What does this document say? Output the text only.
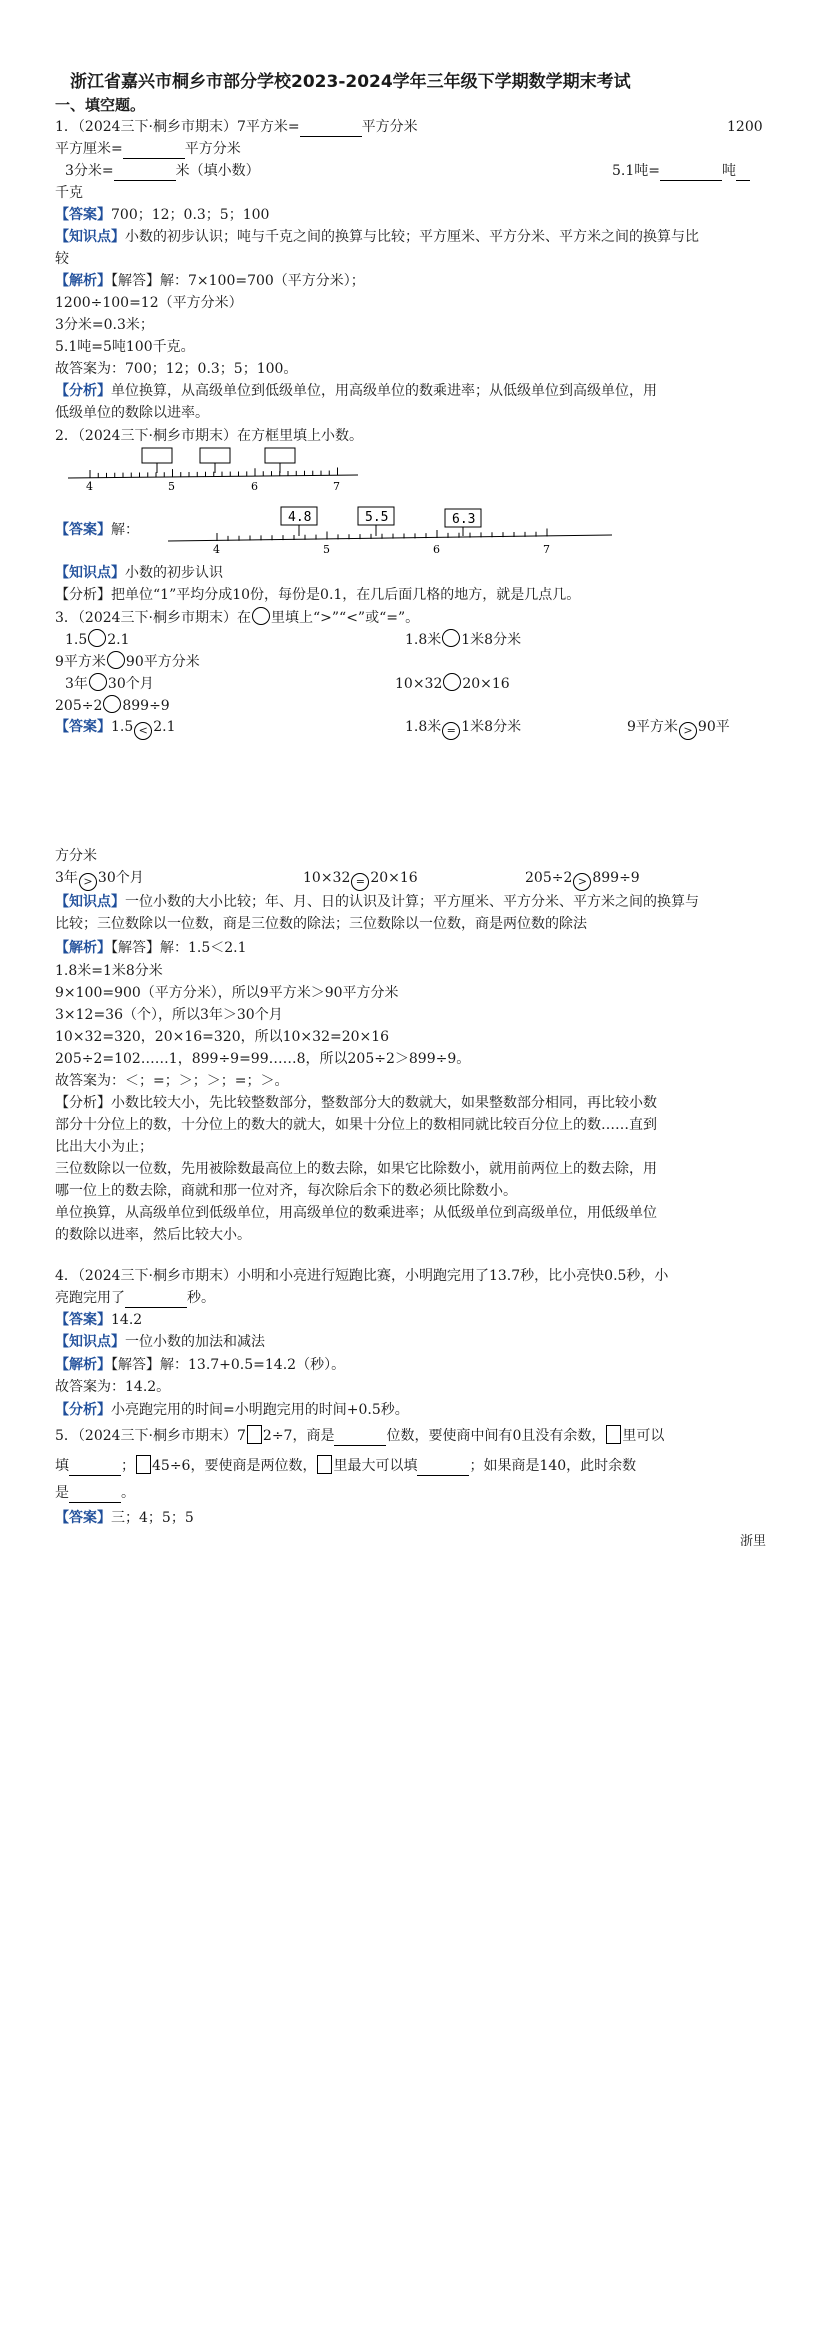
浙江省嘉兴市桐乡市部分学校2023-2024学年三年级下学期数学期末考试
一、填空题。
1．（2024三下·桐乡市期末）7平方米=	平方分米	1200
平方厘米=	平方分米
3分米=	米（填小数）	5.1吨=	吨
千克
【答案】700；12；0.3；5；100
【知识点】小数的初步认识；吨与千克之间的换算与比较；平方厘米、平方分米、平方米之间的换算与比
较
【解析】【解答】解：7×100=700（平方分米）；
1200÷100=12（平方分米）
3分米=0.3米；
5.1吨=5吨100千克。
故答案为：700；12；0.3；5；100。
【分析】单位换算，从高级单位到低级单位，用高级单位的数乘进率；从低级单位到高级单位，用
低级单位的数除以进率。
2．（2024三下·桐乡市期末）在方框里填上小数。
4	5	6	7
【答案】解：
4	5	6	7
4.8	5.5	6.3
【知识点】小数的初步认识
【分析】把单位“1”平均分成10份，每份是0.1，在几后面几格的地方，就是几点几。
3．（2024三下·桐乡市期末）在 里填上“>”“<”或“=”。
1.5 2.1	1.8米 1米8分米
9平方米 90平方分米
3年 30个月	10×32 20×16
205÷2 899÷9
【答案】1.5 < 2.1	1.8米 = 1米8分米	9平方米 > 90平
方分米
3年 > 30个月	10×32 = 20×16	205÷2 > 899÷9
【知识点】一位小数的大小比较；年、月、日的认识及计算；平方厘米、平方分米、平方米之间的换算与
比较；三位数除以一位数，商是三位数的除法；三位数除以一位数，商是两位数的除法
【解析】【解答】解：1.5＜2.1
1.8米=1米8分米
9×100=900（平方分米），所以9平方米＞90平方分米
3×12=36（个），所以3年＞30个月
10×32=320，20×16=320，所以10×32=20×16
205÷2=102……1，899÷9=99……8，所以205÷2＞899÷9。
故答案为：＜；=；＞；＞；=；＞。
【分析】小数比较大小，先比较整数部分，整数部分大的数就大，如果整数部分相同，再比较小数
部分十分位上的数，十分位上的数大的就大，如果十分位上的数相同就比较百分位上的数……直到
比出大小为止；
三位数除以一位数，先用被除数最高位上的数去除，如果它比除数小，就用前两位上的数去除，用
哪一位上的数去除，商就和那一位对齐，每次除后余下的数必须比除数小。
单位换算，从高级单位到低级单位，用高级单位的数乘进率；从低级单位到高级单位，用低级单位
的数除以进率，然后比较大小。
4．（2024三下·桐乡市期末）小明和小亮进行短跑比赛，小明跑完用了13.7秒，比小亮快0.5秒，小
亮跑完用了	秒。
【答案】14.2
【知识点】一位小数的加法和减法
【解析】【解答】解：13.7+0.5=14.2（秒）。
故答案为：14.2。
【分析】小亮跑完用的时间=小明跑完用的时间+0.5秒。
5．（2024三下·桐乡市期末）7 2÷7，商是	位数，要使商中间有0且没有余数， 里可以
填	； 45÷6，要使商是两位数， 里最大可以填	；如果商是140，此时余数
是	。
【答案】三；4；5；5
浙里
